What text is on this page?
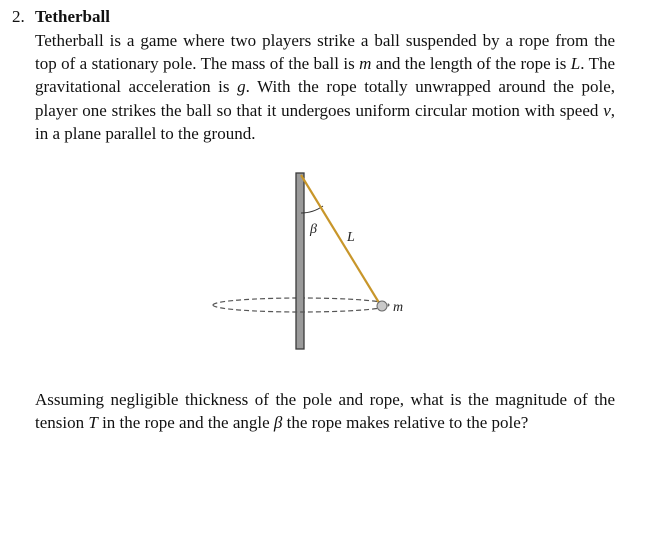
2. Tetherball

Tetherball is a game where two players strike a ball suspended by a rope from the top of a stationary pole. The mass of the ball is m and the length of the rope is L. The gravitational acceleration is g. With the rope totally unwrapped around the pole, player one strikes the ball so that it undergoes uniform circular motion with speed v, in a plane parallel to the ground.

β
L
m

Assuming negligible thickness of the pole and rope, what is the magnitude of the tension T in the rope and the angle β the rope makes relative to the pole?
